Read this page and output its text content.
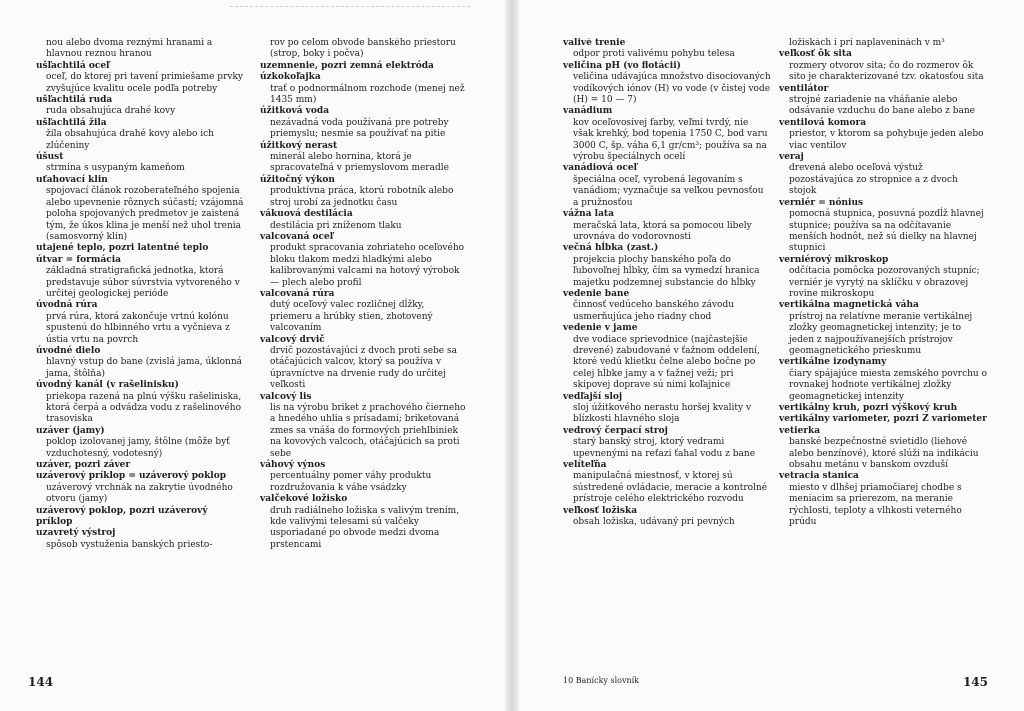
nou alebo dvoma reznými hranami a hlavnou reznou hranou
ušľachtilá oceľ
oceľ, do ktorej pri tavení primiešame prvky zvyšujúce kvalitu ocele podľa potreby
ušľachtilá ruda
ruda obsahujúca drahé kovy
ušľachtilá žila
žila obsahujúca drahé kovy alebo ich zlúčeniny
úšust
strmina s usypaným kameňom
uťahovací klin
spojovací článok rozoberateľného spojenia alebo upevnenie rôznych súčastí; vzájomná poloha spojovaných predmetov je zaistená tým, že úkos klina je menší než uhol trenia (samosvorný klin)
utajené teplo, pozri latentné teplo
útvar = formácia
základná stratigrafická jednotka, ktorá predstavuje súbor súvrstvia vytvoreného v určitej geologickej perióde
úvodná rúra
prvá rúra, ktorá zakončuje vrtnú kolónu spustenú do hlbinného vrtu a vyčnieva z ústia vrtu na povrch
úvodné dielo
hlavný vstup do bane (zvislá jama, úklonná jama, štôlňa)
úvodný kanál (v rašelinisku)
priekopa razená na plnú výšku rašeliniska, ktorá čerpá a odvádza vodu z rašelinového trasoviska
uzáver (jamy)
poklop izolovanej jamy, štôlne (môže byť vzduchotesný, vodotesný)
uzáver, pozri záver
uzáverový príklop = uzáverový poklop
uzáverový vrchnák na zakrytie úvodného otvoru (jamy)
uzáverový poklop, pozri uzáverový príklop
uzavretý výstroj
spôsob vystuženia banských priesto-
rov po celom obvode banského priestoru (strop, boky i počva)
uzemnenie, pozri zemná elektróda
úzkokoľajka
trať o podnormálnom rozchode (menej než 1435 mm)
úžitková voda
nezávadná voda používaná pre potreby priemyslu; nesmie sa používať na pitie
úžitkový nerast
minerál alebo hornina, ktorá je spracovateľná v priemyslovom meradle
úžitočný výkon
produktívna práca, ktorú robotník alebo stroj urobí za jednotku času
vákuová destilácia
destilácia pri zníženom tlaku
valcovaná oceľ
produkt spracovania zohriateho oceľového bloku tlakom medzi hladkými alebo kalibrovanými valcami na hotový výrobok — plech alebo profil
valcovaná rúra
dutý oceľový valec rozličnej dĺžky, priemeru a hrúbky stien, zhotovený valcovaním
valcový drvič
drvič pozostávajúci z dvoch proti sebe sa otáčajúcich valcov, ktorý sa používa v úpravníctve na drvenie rudy do určitej veľkosti
valcový lis
lis na výrobu briket z prachového čierneho a hnedého uhlia s prísadami; briketovaná zmes sa vnáša do formových priehlbiniek na kovových valcoch, otáčajúcich sa proti sebe
váhový výnos
percentuálny pomer váhy produktu rozdružovania k váhe vsádzky
valčekové ložisko
druh radiálneho ložiska s valivým trením, kde valivými telesami sú valčeky usporiadané po obvode medzi dvoma prstencami
144
valivé trenie
odpor proti valivému pohybu telesa
veličina pH (vo flotácii)
veličina udávajúca množstvo disociovaných vodíkových iónov (H) vo vode (v čistej vode (H) = 10 — 7)
vanádium
kov oceľovosivej farby, veľmi tvrdý, nie však krehký, bod topenia 1750 C, bod varu 3000 C, šp. váha 6,1 gr/cm³; používa sa na výrobu špeciálnych ocelí
vanádiová oceľ
špeciálna oceľ, vyrobená legovaním s vanádiom; vyznačuje sa veľkou pevnosťou a pružnosťou
vážna lata
meračská lata, ktorá sa pomocou libely urovnáva do vodorovnosti
večná hĺbka (zast.)
projekcia plochy banského poľa do ľubovoľnej hĺbky, čím sa vymedzí hranica majetku podzemnej substancie do hĺbky
vedenie bane
činnosť vedúceho banského závodu usmerňujúca jeho riadny chod
vedenie v jame
dve vodiace sprievodnice (najčastejšie drevené) zabudované v ťažnom oddelení, ktoré vedú klietku čelne alebo bočne po celej hĺbke jamy a v ťažnej veži; pri skipovej doprave sú nimi koľajnice
vedľajší sloj
sloj úžitkového nerastu horšej kvality v blízkosti hlavného sloja
vedrový čerpací stroj
starý banský stroj, ktorý vedrami upevnenými na reťazi ťahal vodu z bane
velíteľňa
manipulačná miestnosť, v ktorej sú sústredené ovládacie, meracie a kontrolné prístroje celého elektrického rozvodu
veľkosť ložiska
obsah ložiska, udávaný pri pevných
ložiskách i pri naplaveninách v m³
veľkosť ôk sita
rozmery otvorov sita; čo do rozmerov ôk sito je charakterizované tzv. okatosťou sita
ventilátor
strojné zariadenie na vháňanie alebo odsávanie vzduchu do bane alebo z bane
ventilová komora
priestor, v ktorom sa pohybuje jeden alebo viac ventilov
veraj
drevená alebo oceľová výstuž pozostávajúca zo stropnice a z dvoch stojok
verniér = nónius
pomocná stupnica, posuvná pozdĺž hlavnej stupnice; používa sa na odčítavanie menších hodnôt, než sú dielky na hlavnej stupnici
verniérový mikroskop
odčítacia pomôcka pozorovaných stupníc; verniér je vyrytý na sklíčku v obrazovej rovine mikroskopu
vertikálna magnetická váha
prístroj na relatívne meranie vertikálnej zložky geomagnetickej intenzity; je to jeden z najpoužívanejších prístrojov geomagnetického prieskumu
vertikálne izodynamy
čiary spájajúce miesta zemského povrchu o rovnakej hodnote vertikálnej zložky geomagnetickej intenzity
vertikálny kruh, pozri výškový kruh
vertikálny variometer, pozri Z variometer
vetierka
banské bezpečnostné svietidlo (liehové alebo benzínové), ktoré slúži na indikáciu obsahu metánu v banskom ovzduší
vetracia stanica
miesto v dlhšej priamočiarej chodbe s meniacim sa prierezom, na meranie rýchlosti, teploty a vlhkosti veterného prúdu
10 Banícky slovník	145
